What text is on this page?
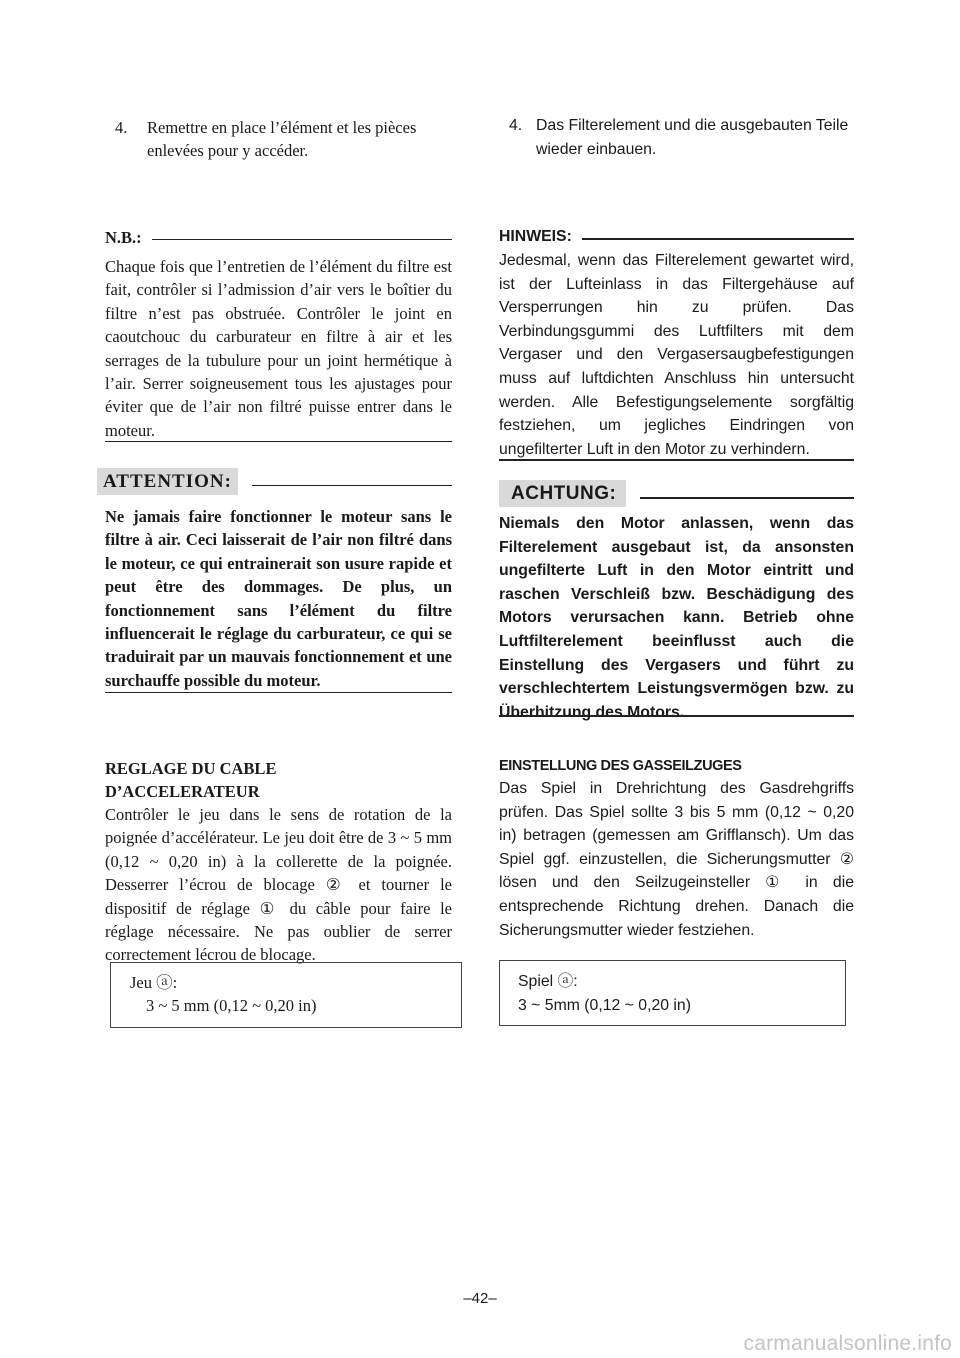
4.	Remettre en place l’élément et les pièces enlevées pour y accéder.
N.B.:
Chaque fois que l’entretien de l’élément du filtre est fait, contrôler si l’admission d’air vers le boîtier du filtre n’est pas obstruée. Contrôler le joint en caoutchouc du carburateur en filtre à air et les serrages de la tubulure pour un joint hermétique à l’air. Serrer soigneusement tous les ajustages pour éviter que de l’air non filtré puisse entrer dans le moteur.
ATTENTION:
Ne jamais faire fonctionner le moteur sans le filtre à air. Ceci laisserait de l’air non filtré dans le moteur, ce qui entrainerait son usure rapide et peut être des dommages. De plus, un fonctionnement sans l’élément du filtre influencerait le réglage du carburateur, ce qui se traduirait par un mauvais fonctionnement et une surchauffe possible du moteur.
REGLAGE DU CABLE
D’ACCELERATEUR
Contrôler le jeu dans le sens de rotation de la poignée d’accélérateur. Le jeu doit être de 3 ~ 5 mm (0,12 ~ 0,20 in) à la collerette de la poignée. Desserrer l’écrou de blocage ② et tourner le dispositif de réglage ① du câble pour faire le réglage nécessaire. Ne pas oublier de serrer correctement lécrou de blocage.
Jeu ⓐ:
3 ~ 5 mm (0,12 ~ 0,20 in)
4. Das Filterelement und die ausgebauten Teile wieder einbauen.
HINWEIS:
Jedesmal, wenn das Filterelement gewartet wird, ist der Lufteinlass in das Filtergehäuse auf Versperrungen hin zu prüfen. Das Verbindungsgummi des Luftfilters mit dem Vergaser und den Vergasersaugbefestigungen muss auf luftdichten Anschluss hin untersucht werden. Alle Befestigungselemente sorgfältig festziehen, um jegliches Eindringen von ungefilterter Luft in den Motor zu verhindern.
ACHTUNG:
Niemals den Motor anlassen, wenn das Filterelement ausgebaut ist, da ansonsten ungefilterte Luft in den Motor eintritt und raschen Verschleiß bzw. Beschädigung des Motors verursachen kann. Betrieb ohne Luftfilterelement beeinflusst auch die Einstellung des Vergasers und führt zu verschlechtertem Leistungsvermögen bzw. zu Überhitzung des Motors.
EINSTELLUNG DES GASSEILZUGES
Das Spiel in Drehrichtung des Gasdrehgriffs prüfen. Das Spiel sollte 3 bis 5 mm (0,12 ~ 0,20 in) betragen (gemessen am Grifflansch). Um das Spiel ggf. einzustellen, die Sicherungsmutter ② lösen und den Seilzugeinsteller ① in die entsprechende Richtung drehen. Danach die Sicherungsmutter wieder festziehen.
Spiel ⓐ:
3 ~ 5mm (0,12 ~ 0,20 in)
–42–
carmanualsonline.info
